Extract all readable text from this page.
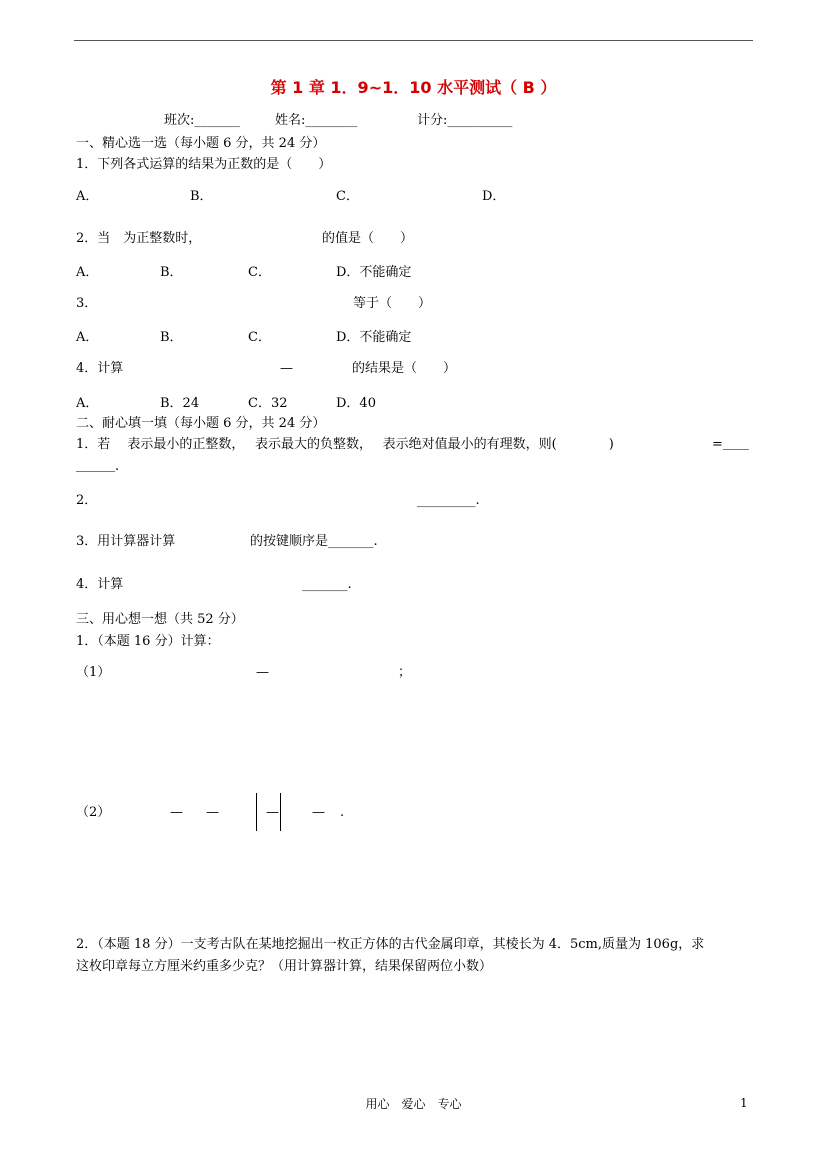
第 1 章 1．9~1．10 水平测试（ B ）
班次:_______	姓名:________	计分:__________
一、精心选一选（每小题 6 分，共 24 分）
1．下列各式运算的结果为正数的是（　　）
A．	B．	C．	D．
2．当　为正整数时，	的值是（　　）
A．	B．	C．	D．不能确定
3．	等于（　　）
A．	B．	C．	D．不能确定
4．计算	—	的结果是（　　）
A．	B．24	C．32	D．40
二、耐心填一填（每小题 6 分，共 24 分）
1．若　 表示最小的正整数，　 表示最大的负整数，　 表示绝对值最小的有理数，则(　　　　)	=＿＿
＿＿＿.
2．	_________.
3．用计算器计算	的按键顺序是_______.
4．计算	_______.
三、用心想一想（共 52 分）
1．（本题 16 分）计算：
（1）	—	；
（2）	— —	—	— .
2．（本题 18 分）一支考古队在某地挖掘出一枚正方体的古代金属印章，其棱长为 4．5cm,质量为 106g，求
这枚印章每立方厘米约重多少克？（用计算器计算，结果保留两位小数）
用心　爱心　专心	1
